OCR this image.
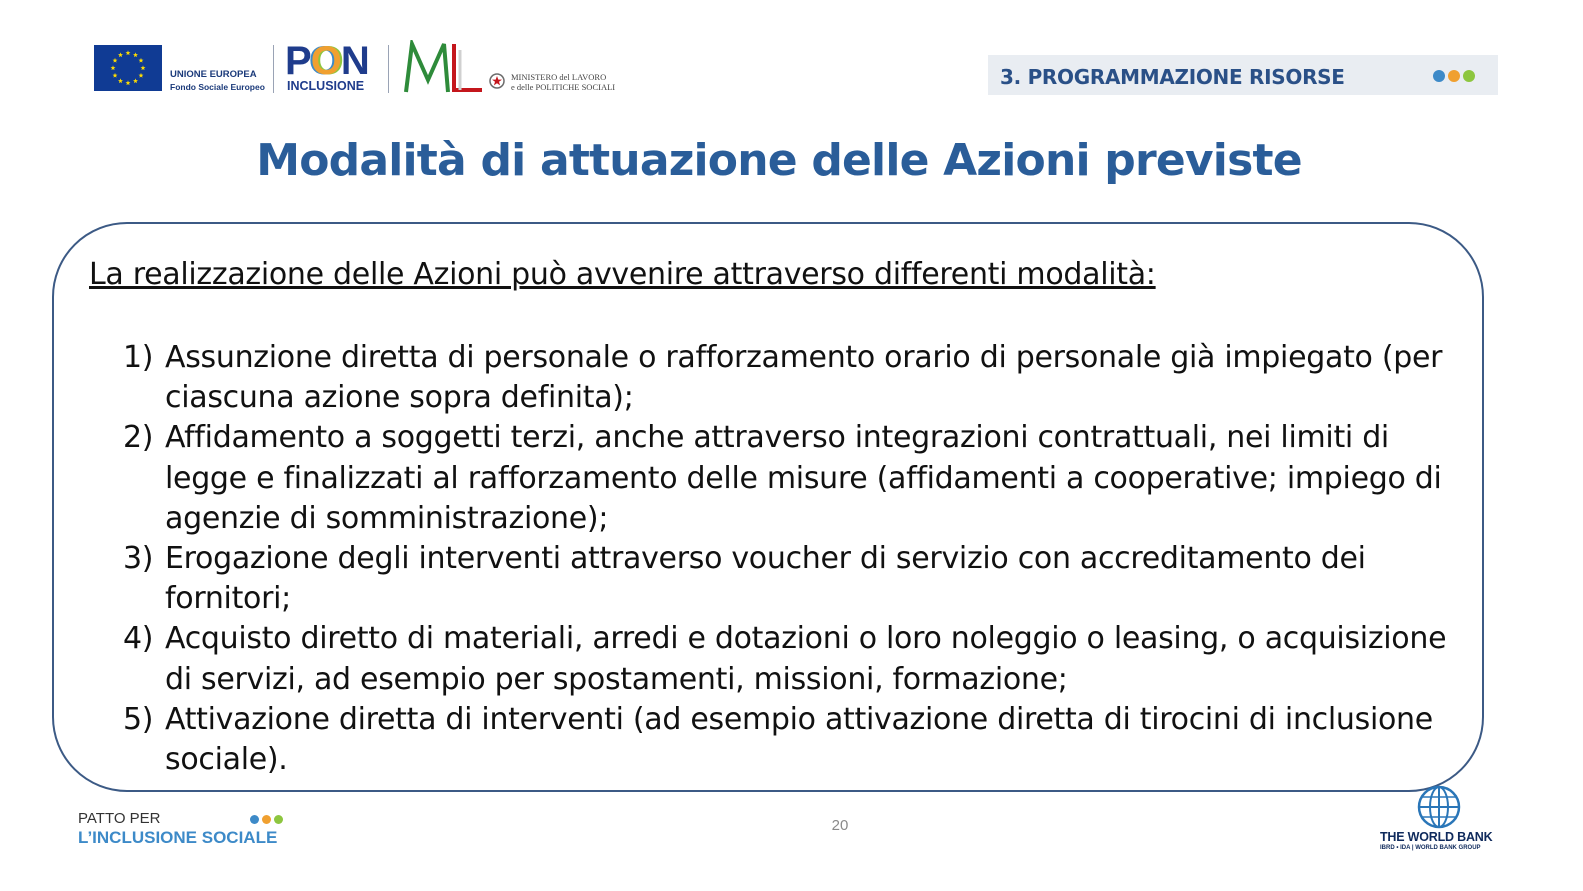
UNIONE EUROPEA
Fondo Sociale Europeo
PON
INCLUSIONE
MINISTERO del LAVORO
e delle POLITICHE SOCIALI	3. PROGRAMMAZIONE RISORSE
Modalità di attuazione delle Azioni previste
La realizzazione delle Azioni può avvenire attraverso differenti modalità:
1) Assunzione diretta di personale o rafforzamento orario di personale già impiegato (per ciascuna azione sopra definita);
2) Affidamento a soggetti terzi, anche attraverso integrazioni contrattuali, nei limiti di legge e finalizzati al rafforzamento delle misure (affidamenti a cooperative; impiego di agenzie di somministrazione);
3) Erogazione degli interventi attraverso voucher di servizio con accreditamento dei fornitori;
4) Acquisto diretto di materiali, arredi e dotazioni o loro noleggio o leasing, o acquisizione di servizi, ad esempio per spostamenti, missioni, formazione;
5) Attivazione diretta di interventi (ad esempio attivazione diretta di tirocini di inclusione sociale).
PATTO PER
L’INCLUSIONE SOCIALE
20
THE WORLD BANK
IBRD • IDA | WORLD BANK GROUP
